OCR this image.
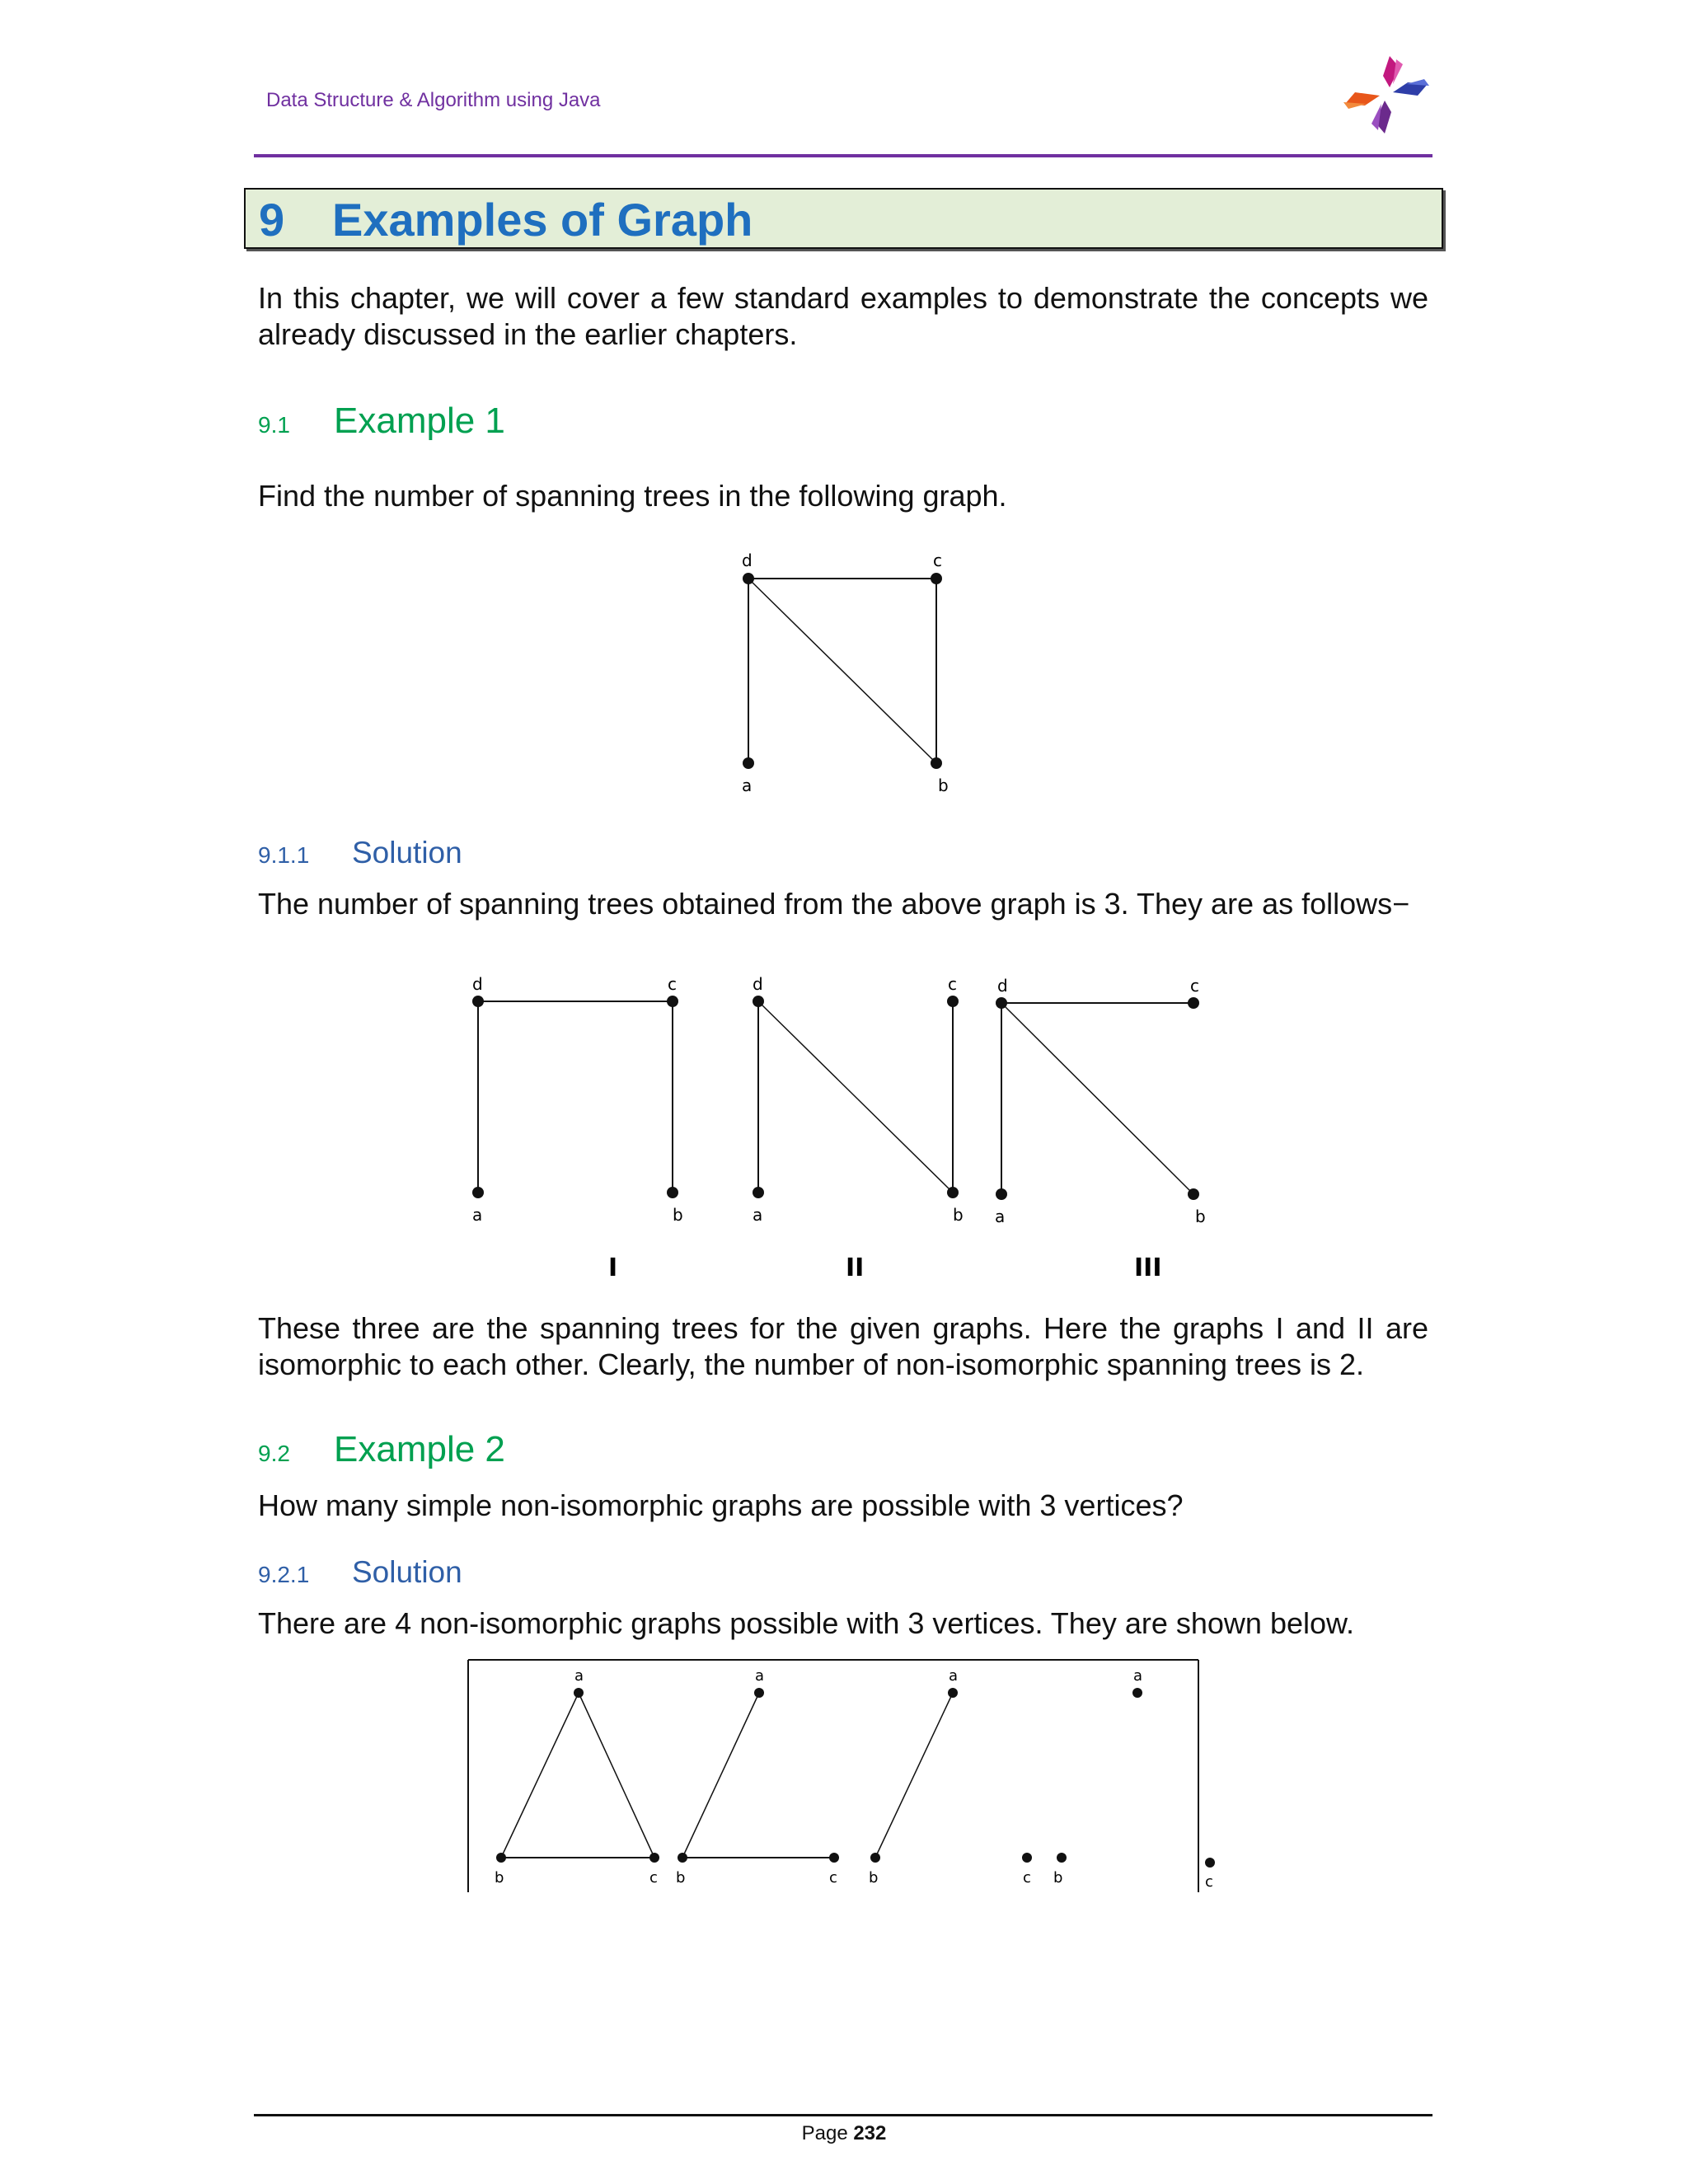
Data Structure & Algorithm using Java
9 Examples of Graph
In this chapter, we will cover a few standard examples to demonstrate the concepts we already discussed in the earlier chapters.
9.1 Example 1
Find the number of spanning trees in the following graph.
d	c
a	b
9.1.1 Solution
The number of spanning trees obtained from the above graph is 3. They are as follows−
d	c
a	b
d	c
a	b
d	c
a	b
I	II	III
These three are the spanning trees for the given graphs. Here the graphs I and II are isomorphic to each other. Clearly, the number of non-isomorphic spanning trees is 2.
9.2 Example 2
How many simple non-isomorphic graphs are possible with 3 vertices?
9.2.1 Solution
There are 4 non-isomorphic graphs possible with 3 vertices. They are shown below.
a
b	c
a
b	c
a
b	c
a
b	c
Page 232
